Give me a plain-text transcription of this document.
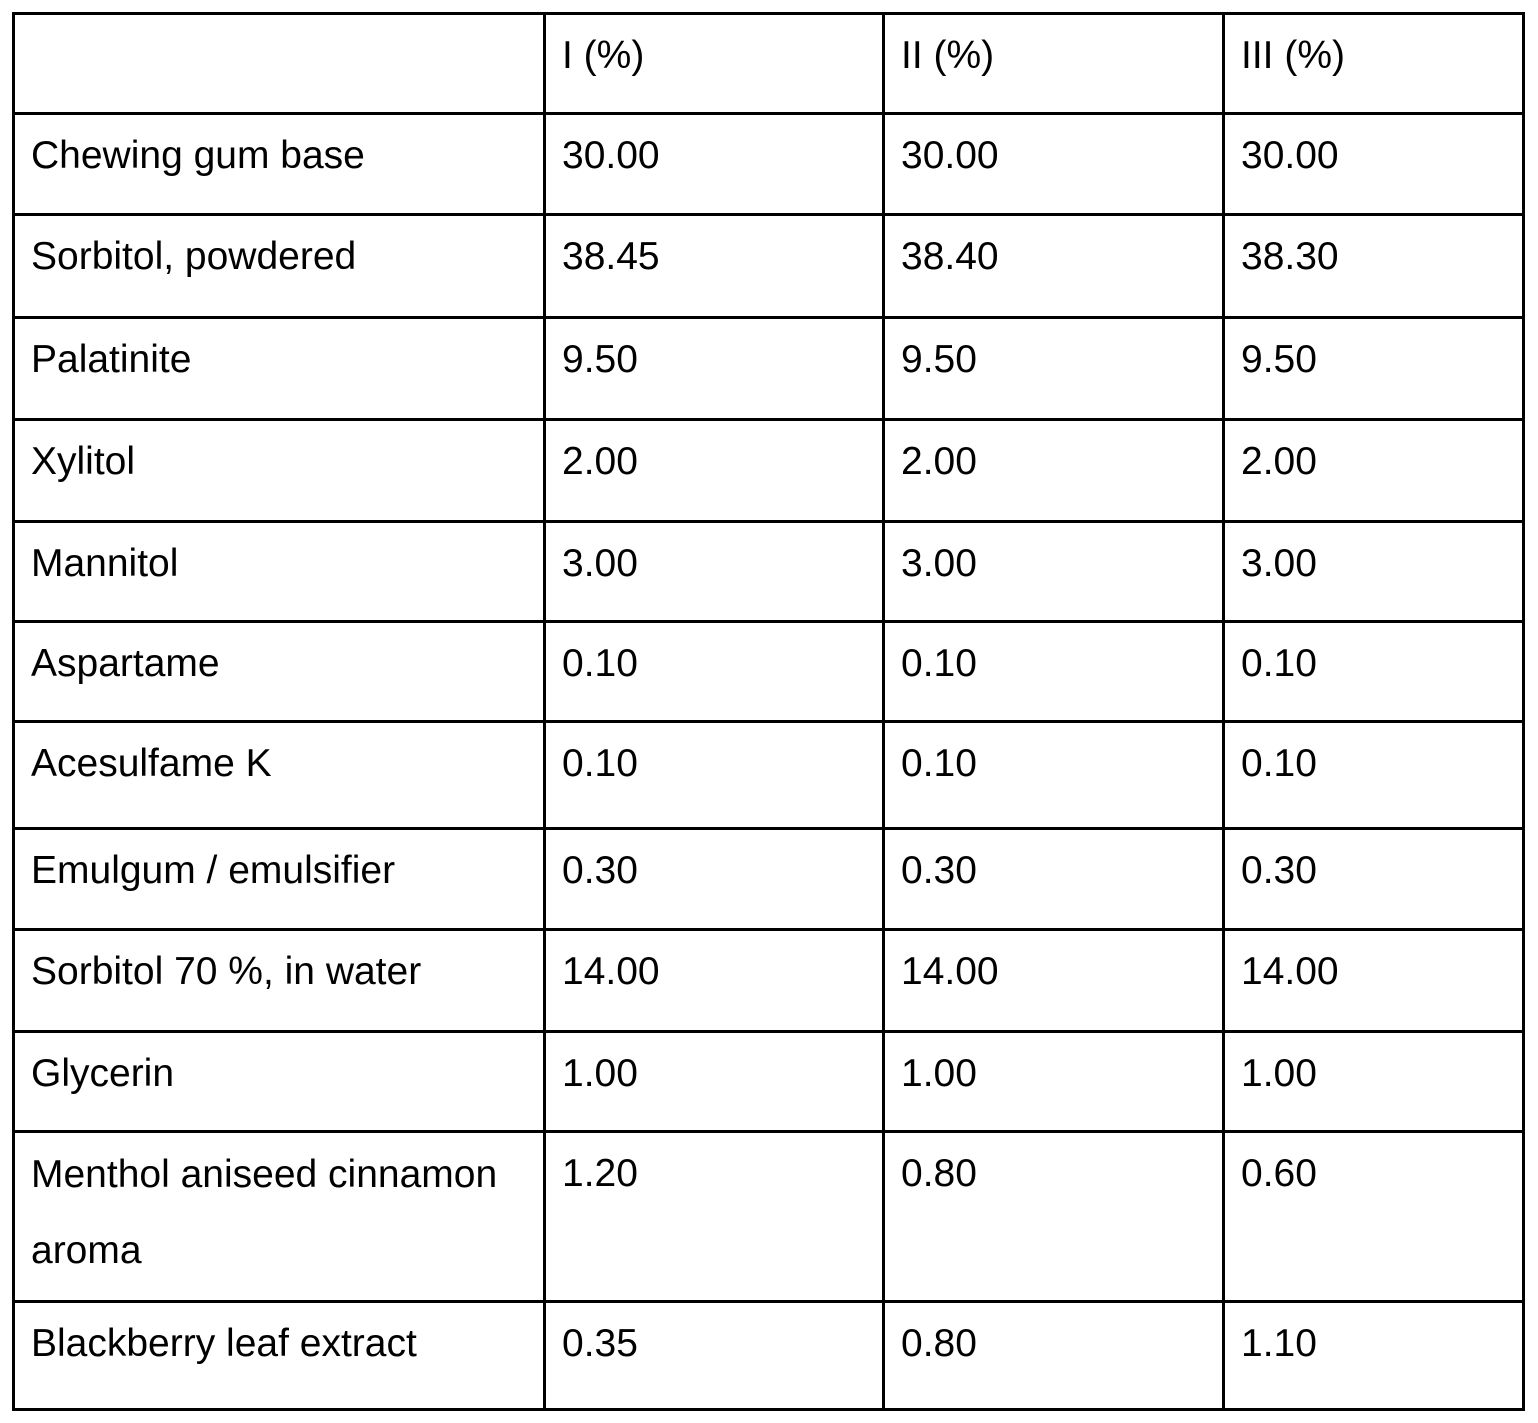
	I (%)	II (%)	III (%)
Chewing gum base	30.00	30.00	30.00
Sorbitol, powdered	38.45	38.40	38.30
Palatinite	9.50	9.50	9.50
Xylitol	2.00	2.00	2.00
Mannitol	3.00	3.00	3.00
Aspartame	0.10	0.10	0.10
Acesulfame K	0.10	0.10	0.10
Emulgum / emulsifier	0.30	0.30	0.30
Sorbitol 70 %, in water	14.00	14.00	14.00
Glycerin	1.00	1.00	1.00
Menthol aniseed cinnamon aroma	1.20	0.80	0.60
Blackberry leaf extract	0.35	0.80	1.10
